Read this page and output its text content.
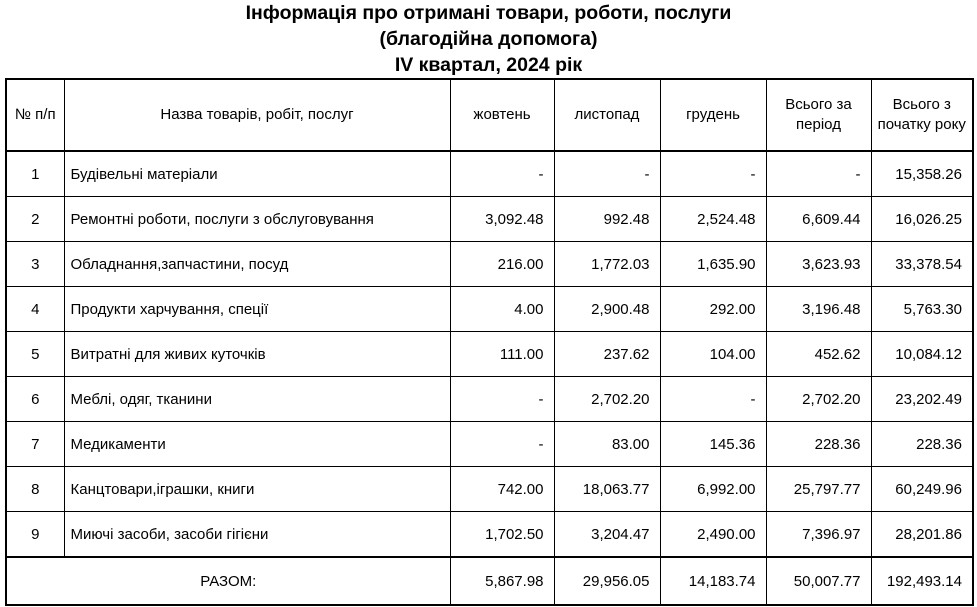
Інформація про отримані товари, роботи, послуги
(благодійна допомога)
IV квартал, 2024 рік
№ п/п	Назва товарів, робіт, послуг	жовтень	листопад	грудень	Всього за період	Всього з початку року
1	Будівельні матеріали	-	-	-	-	15,358.26
2	Ремонтні роботи, послуги з обслуговування	3,092.48	992.48	2,524.48	6,609.44	16,026.25
3	Обладнання,запчастини, посуд	216.00	1,772.03	1,635.90	3,623.93	33,378.54
4	Продукти харчування, спеції	4.00	2,900.48	292.00	3,196.48	5,763.30
5	Витратні для живих куточків	111.00	237.62	104.00	452.62	10,084.12
6	Меблі, одяг, тканини	-	2,702.20	-	2,702.20	23,202.49
7	Медикаменти	-	83.00	145.36	228.36	228.36
8	Канцтовари,іграшки, книги	742.00	18,063.77	6,992.00	25,797.77	60,249.96
9	Миючі засоби, засоби гігієни	1,702.50	3,204.47	2,490.00	7,396.97	28,201.86
РАЗОМ:		5,867.98	29,956.05	14,183.74	50,007.77	192,493.14
